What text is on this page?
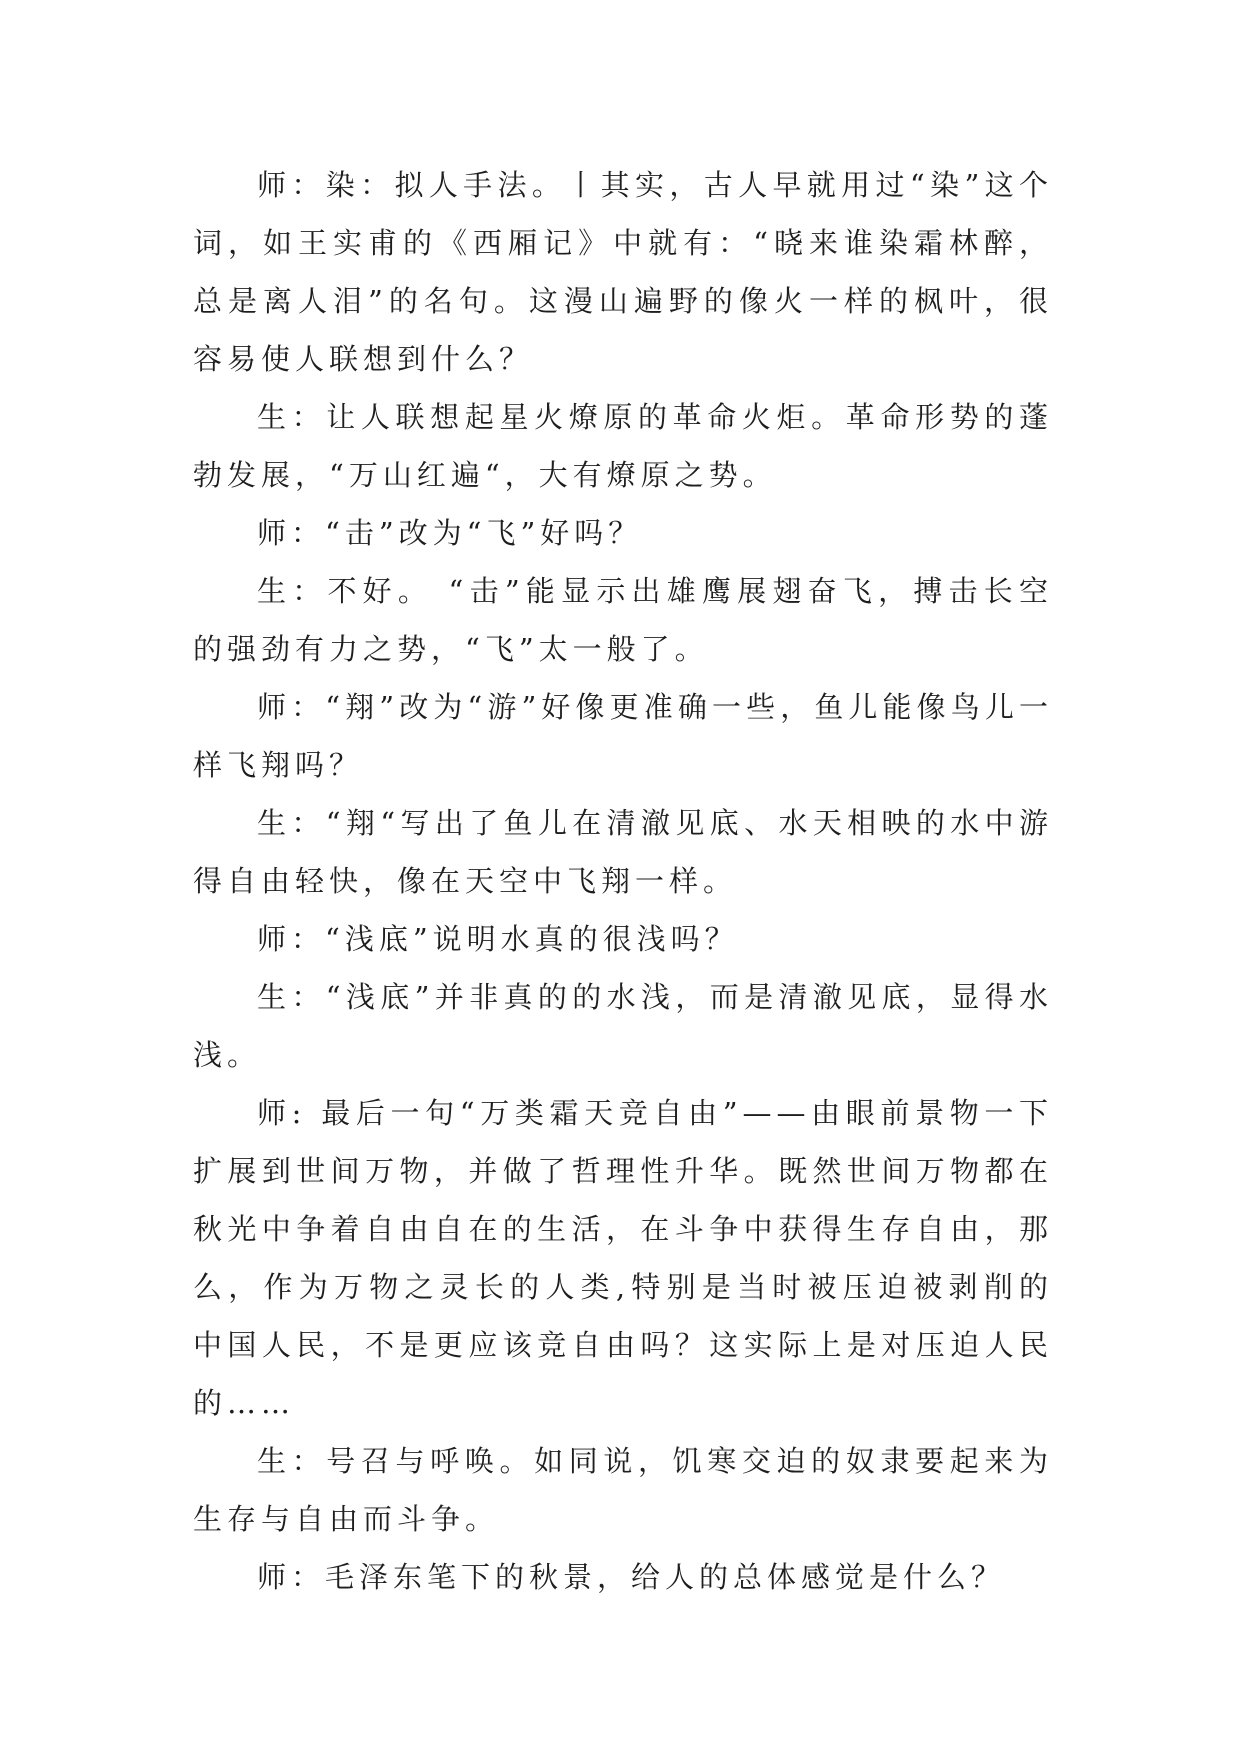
师：染：拟人手法。丨其实，古人早就用过“染”这个词，如王实甫的《西厢记》中就有：“晓来谁染霜林醉，总是离人泪”的名句。这漫山遍野的像火一样的枫叶，很容易使人联想到什么？

生：让人联想起星火燎原的革命火炬。革命形势的蓬勃发展，“万山红遍“，大有燎原之势。

师：“击”改为“飞”好吗？

生：不好。 “击”能显示出雄鹰展翅奋飞，搏击长空的强劲有力之势，“飞”太一般了。

师：“翔”改为“游”好像更准确一些，鱼儿能像鸟儿一样飞翔吗？

生：“翔“写出了鱼儿在清澈见底、水天相映的水中游得自由轻快，像在天空中飞翔一样。

师：“浅底”说明水真的很浅吗？

生：“浅底”并非真的的水浅，而是清澈见底，显得水浅。

师: 最后一句“万类霜天竞自由”——由眼前景物一下扩展到世间万物，并做了哲理性升华。既然世间万物都在秋光中争着自由自在的生活，在斗争中获得生存自由，那么，作为万物之灵长的人类,特别是当时被压迫被剥削的中国人民，不是更应该竞自由吗？这实际上是对压迫人民的……

生：号召与呼唤。如同说，饥寒交迫的奴隶要起来为生存与自由而斗争。

师：毛泽东笔下的秋景，给人的总体感觉是什么？
